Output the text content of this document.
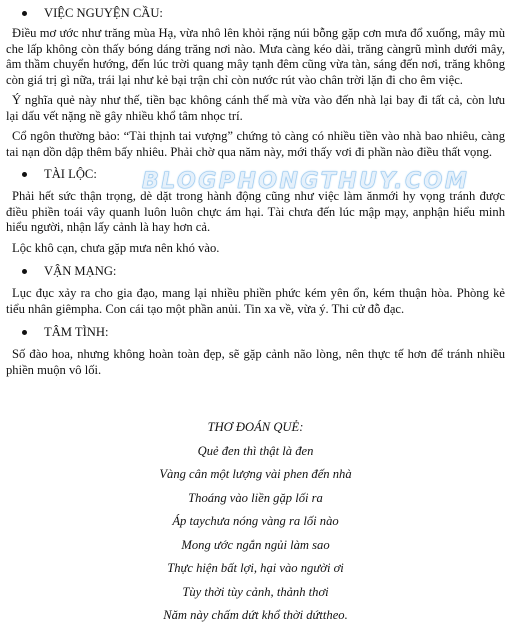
VIỆC NGUYỆN CẦU:

Điều mơ ước như trăng mùa Hạ, vừa nhô lên khỏi rặng núi bỗng gặp cơn mưa đổ xuống, mây mù che lấp không còn thấy bóng dáng trăng nơi nào. Mưa càng kéo dài, trăng càngrũ mình dưới mây, âm thầm chuyển hướng, đến lúc trời quang mây tạnh đêm cũng vừa tàn, sáng đến nơi, trăng không còn giá trị gì nữa, trái lại như kẻ bại trận chỉ còn nước rút vào chân trời lặn đi cho êm việc.

Ý nghĩa quẻ này như thế, tiền bạc không cánh thế mà vừa vào đến nhà lại bay đi tất cả, còn lưu lại dấu vết nặng nề gây nhiều khổ tâm nhọc trí.

Cổ ngôn thường bảo: “Tài thịnh tai vượng” chứng tỏ càng có nhiều tiền vào nhà bao nhiêu, càng tai nạn dồn dập thêm bấy nhiêu. Phải chờ qua năm này, mới thấy vơi đi phần nào điều thất vọng.

TÀI LỘC:

Phải hết sức thận trọng, dè dặt trong hành động cũng như việc làm ănmới hy vọng tránh được điều phiền toái vây quanh luôn luôn chực ám hại. Tài chưa đến lúc mập mạy, anphận hiểu minh hiểu người, nhận lấy cảnh là hay hơn cả.

Lộc khô cạn, chưa gặp mưa nên khó vào.

VẬN MẠNG:

Lục đục xảy ra cho gia đạo, mang lại nhiều phiền phức kém yên ổn, kém thuận hòa. Phòng kẻ tiểu nhân giêmpha. Con cái tạo một phần anủi. Tin xa về, vừa ý. Thi cử đỗ đạc.

TÂM TÌNH:

Số đào hoa, nhưng không hoàn toàn đẹp, sẽ gặp cảnh não lòng, nên thực tế hơn để tránh nhiều phiền muộn vô lối.

BLOGPHONGTHUY.COM
THƠ ĐOÁN QUẺ:
Quẻ đen thì thật là đen
Vàng cân một lượng vài phen đến nhà
Thoáng vào liền gặp lối ra
Áp taychưa nóng vàng ra lối nào
Mong ước ngắn ngủi làm sao
Thực hiện bất lợi, hại vào người ơi
Tùy thời tùy cảnh, thảnh thơi
Năm này chấm dứt khổ thời dứttheo.
